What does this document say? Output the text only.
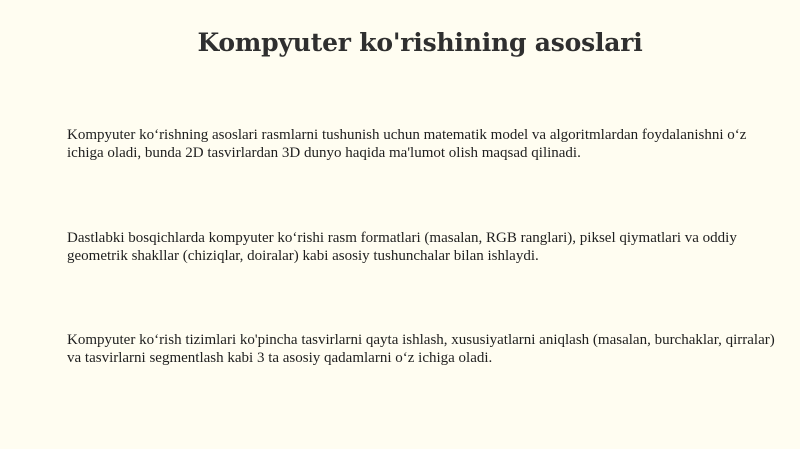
Kompyuter ko'rishining asoslari

Kompyuter ko‘rishning asoslari rasmlarni tushunish uchun matematik model va algoritmlardan foydalanishni o‘z ichiga oladi, bunda 2D tasvirlardan 3D dunyo haqida ma'lumot olish maqsad qilinadi.

Dastlabki bosqichlarda kompyuter ko‘rishi rasm formatlari (masalan, RGB ranglari), piksel qiymatlari va oddiy geometrik shakllar (chiziqlar, doiralar) kabi asosiy tushunchalar bilan ishlaydi.

Kompyuter ko‘rish tizimlari ko'pincha tasvirlarni qayta ishlash, xususiyatlarni aniqlash (masalan, burchaklar, qirralar) va tasvirlarni segmentlash kabi 3 ta asosiy qadamlarni o‘z ichiga oladi.
